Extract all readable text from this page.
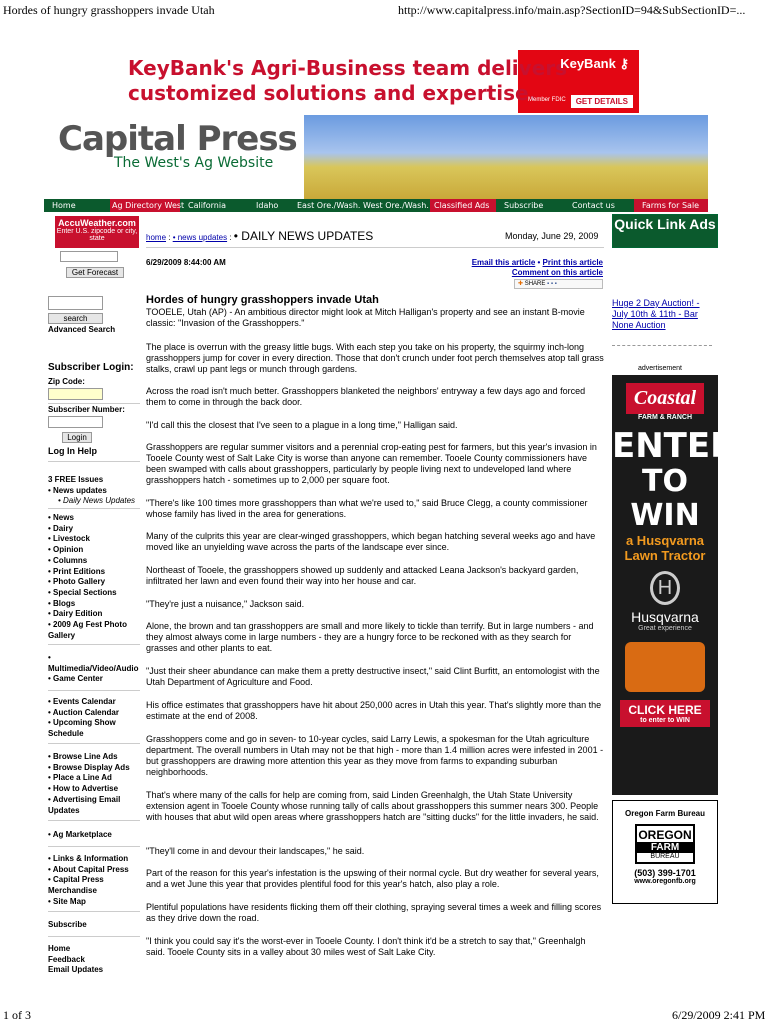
Hordes of hungry grasshoppers invade Utah	http://www.capitalpress.info/main.asp?SectionID=94&SubSectionID=...
KeyBank's Agri-Business team delivers
customized solutions and expertise.
KeyBank ⚷
Member FDIC	GET DETAILS
Capital Press
The West's Ag Website
Home	Ag Directory West California	Idaho	East Ore./Wash. West Ore./Wash. Classified Ads	Subscribe	Contact us	Farms for Sale
AccuWeather.com
Enter U.S. zipcode or city, state
Get Forecast
search
Advanced Search
Subscriber Login:
Zip Code:
Subscriber Number:
Login
Log In Help
3 FREE Issues
• News updates
• Daily News Updates
• News
• Dairy
• Livestock
• Opinion
• Columns
• Print Editions
• Photo Gallery
• Special Sections
• Blogs
• Dairy Edition
• 2009 Ag Fest Photo
Gallery
•
Multimedia/Video/Audio
• Game Center
• Events Calendar
• Auction Calendar
• Upcoming Show
Schedule
• Browse Line Ads
• Browse Display Ads
• Place a Line Ad
• How to Advertise
• Advertising Email
Updates
• Ag Marketplace
• Links & Information
• About Capital Press
• Capital Press
Merchandise
• Site Map
Subscribe
Home
Feedback
Email Updates
home : • news updates : • DAILY NEWS UPDATES	Monday, June 29, 2009
6/29/2009 8:44:00 AM	Email this article • Print this article
Comment on this article
✚ SHARE ▪ ▪ ▪
Hordes of hungry grasshoppers invade Utah
TOOELE, Utah (AP) - An ambitious director might look at Mitch Halligan's property and see an instant B-movie classic: "Invasion of the Grasshoppers."
The place is overrun with the greasy little bugs. With each step you take on his property, the squirmy inch-long grasshoppers jump for cover in every direction. Those that don't crunch under foot perch themselves atop tall grass stalks, crawl up pant legs or munch through gardens.
Across the road isn't much better. Grasshoppers blanketed the neighbors' entryway a few days ago and forced them to come in through the back door.
"I'd call this the closest that I've seen to a plague in a long time," Halligan said.
Grasshoppers are regular summer visitors and a perennial crop-eating pest for farmers, but this year's invasion in Tooele County west of Salt Lake City is worse than anyone can remember. Tooele County commissioners have been swamped with calls about grasshoppers, particularly by people living next to undeveloped land where grasshoppers hatch - sometimes up to 2,000 per square foot.
"There's like 100 times more grasshoppers than what we're used to," said Bruce Clegg, a county commissioner whose family has lived in the area for generations.
Many of the culprits this year are clear-winged grasshoppers, which began hatching several weeks ago and have moved like an unyielding wave across the parts of the landscape ever since.
Northeast of Tooele, the grasshoppers showed up suddenly and attacked Leana Jackson's backyard garden, infiltrated her lawn and even found their way into her house and car.
"They're just a nuisance," Jackson said.
Alone, the brown and tan grasshoppers are small and more likely to tickle than terrify. But in large numbers - and they almost always come in large numbers - they are a hungry force to be reckoned with as they search for grasses and other plants to eat.
"Just their sheer abundance can make them a pretty destructive insect," said Clint Burfitt, an entomologist with the Utah Department of Agriculture and Food.
His office estimates that grasshoppers have hit about 250,000 acres in Utah this year. That's slightly more than the estimate at the end of 2008.
Grasshoppers come and go in seven- to 10-year cycles, said Larry Lewis, a spokesman for the Utah agriculture department. The overall numbers in Utah may not be that high - more than 1.4 million acres were infested in 2001 - but grasshoppers are drawing more attention this year as they move from farms to expanding suburban neighborhoods.
That's where many of the calls for help are coming from, said Linden Greenhalgh, the Utah State University extension agent in Tooele County whose running tally of calls about grasshoppers this summer nears 300. People with houses that abut wild open areas where grasshoppers hatch are "sitting ducks" for the little invaders, he said.
"They'll come in and devour their landscapes," he said.
Part of the reason for this year's infestation is the upswing of their normal cycle. But dry weather for several years, and a wet June this year that provides plentiful food for this year's hatch, also play a role.
Plentiful populations have residents flicking them off their clothing, spraying several times a week and filling scores as they drive down the road.
"I think you could say it's the worst-ever in Tooele County. I don't think it'd be a stretch to say that," Greenhalgh said. Tooele County sits in a valley about 30 miles west of Salt Lake City.
Quick Link Ads
Huge 2 Day Auction! - July 10th & 11th - Bar None Auction
advertisement
Coastal
FARM & RANCH
ENTER
TO WIN
a Husqvarna
Lawn Tractor
H
Husqvarna
Great experience
CLICK HERE
to enter to WIN
Oregon Farm Bureau
OREGON
FARM
BUREAU
(503) 399-1701
www.oregonfb.org
1 of 3	6/29/2009 2:41 PM
